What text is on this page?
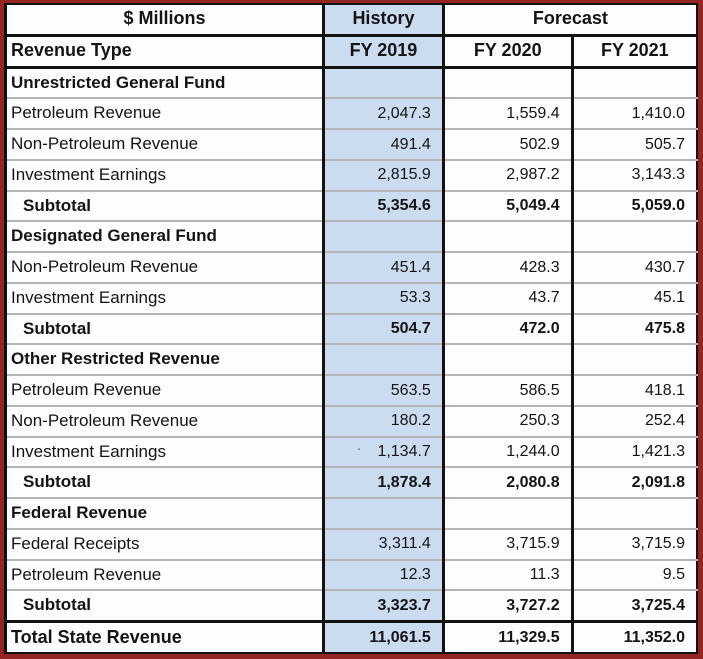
$ Millions	History	Forecast	
Revenue Type	FY 2019	FY 2020	FY 2021
Unrestricted General Fund			
Petroleum Revenue	2,047.3	1,559.4	1,410.0
Non-Petroleum Revenue	491.4	502.9	505.7
Investment Earnings	2,815.9	2,987.2	3,143.3
Subtotal	5,354.6	5,049.4	5,059.0
Designated General Fund			
Non-Petroleum Revenue	451.4	428.3	430.7
Investment Earnings	53.3	43.7	45.1
Subtotal	504.7	472.0	475.8
Other Restricted Revenue			
Petroleum Revenue	563.5	586.5	418.1
Non-Petroleum Revenue	180.2	250.3	252.4
Investment Earnings	· 1,134.7	1,244.0	1,421.3
Subtotal	1,878.4	2,080.8	2,091.8
Federal Revenue			
Federal Receipts	3,311.4	3,715.9	3,715.9
Petroleum Revenue	12.3	11.3	9.5
Subtotal	3,323.7	3,727.2	3,725.4
Total State Revenue	11,061.5	11,329.5	11,352.0
